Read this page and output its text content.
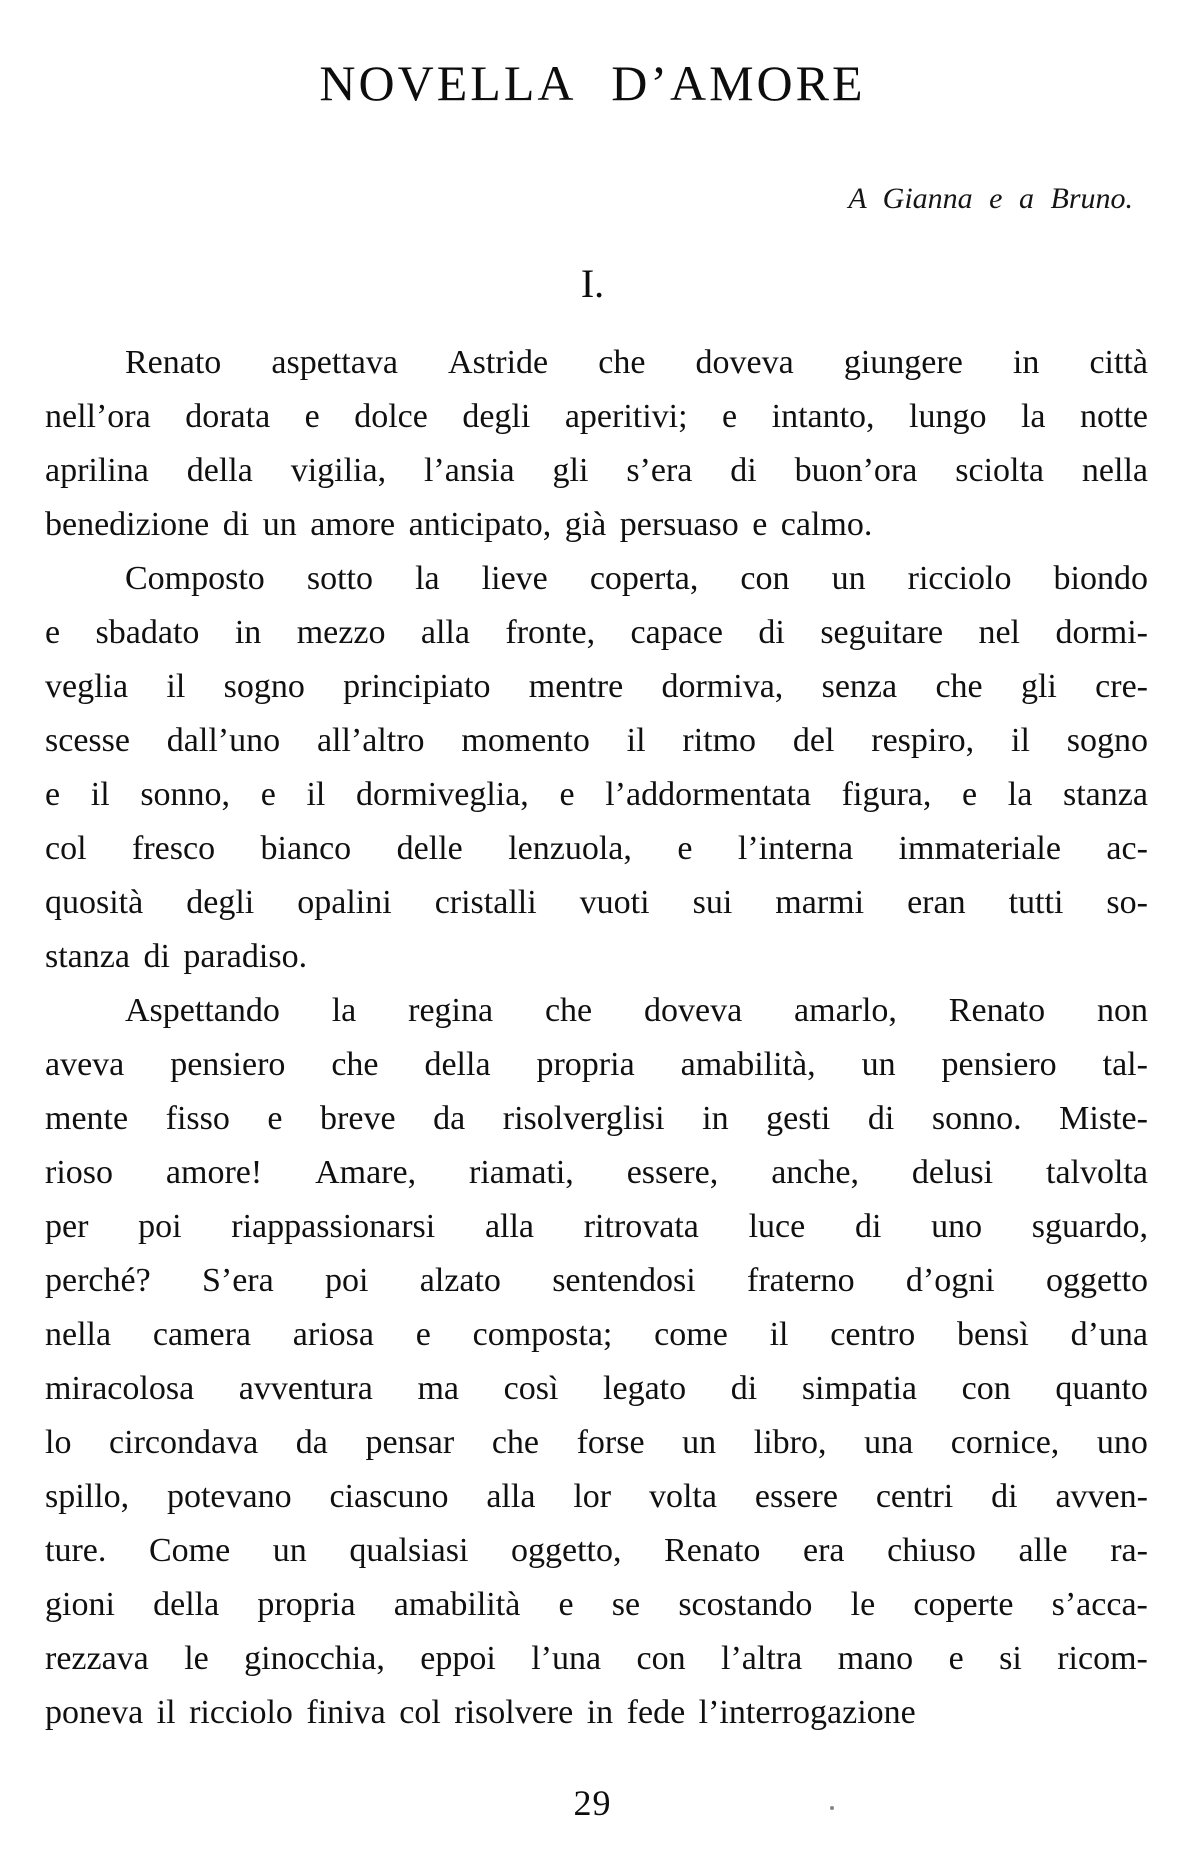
NOVELLA D’AMORE
A Gianna e a Bruno.
I.
Renato aspettava Astride che doveva giungere in città
nell’ora dorata e dolce degli aperitivi; e intanto, lungo la notte
aprilina della vigilia, l’ansia gli s’era di buon’ora sciolta nella
benedizione di un amore anticipato, già persuaso e calmo.
Composto sotto la lieve coperta, con un ricciolo biondo
e sbadato in mezzo alla fronte, capace di seguitare nel dormi-
veglia il sogno principiato mentre dormiva, senza che gli cre-
scesse dall’uno all’altro momento il ritmo del respiro, il sogno
e il sonno, e il dormiveglia, e l’addormentata figura, e la stanza
col fresco bianco delle lenzuola, e l’interna immateriale ac-
quosità degli opalini cristalli vuoti sui marmi eran tutti so-
stanza di paradiso.
Aspettando la regina che doveva amarlo, Renato non
aveva pensiero che della propria amabilità, un pensiero tal-
mente fisso e breve da risolverglisi in gesti di sonno. Miste-
rioso amore! Amare, riamati, essere, anche, delusi talvolta
per poi riappassionarsi alla ritrovata luce di uno sguardo,
perché? S’era poi alzato sentendosi fraterno d’ogni oggetto
nella camera ariosa e composta; come il centro bensì d’una
miracolosa avventura ma così legato di simpatia con quanto
lo circondava da pensar che forse un libro, una cornice, uno
spillo, potevano ciascuno alla lor volta essere centri di avven-
ture. Come un qualsiasi oggetto, Renato era chiuso alle ra-
gioni della propria amabilità e se scostando le coperte s’acca-
rezzava le ginocchia, eppoi l’una con l’altra mano e si ricom-
poneva il ricciolo finiva col risolvere in fede l’interrogazione
29
